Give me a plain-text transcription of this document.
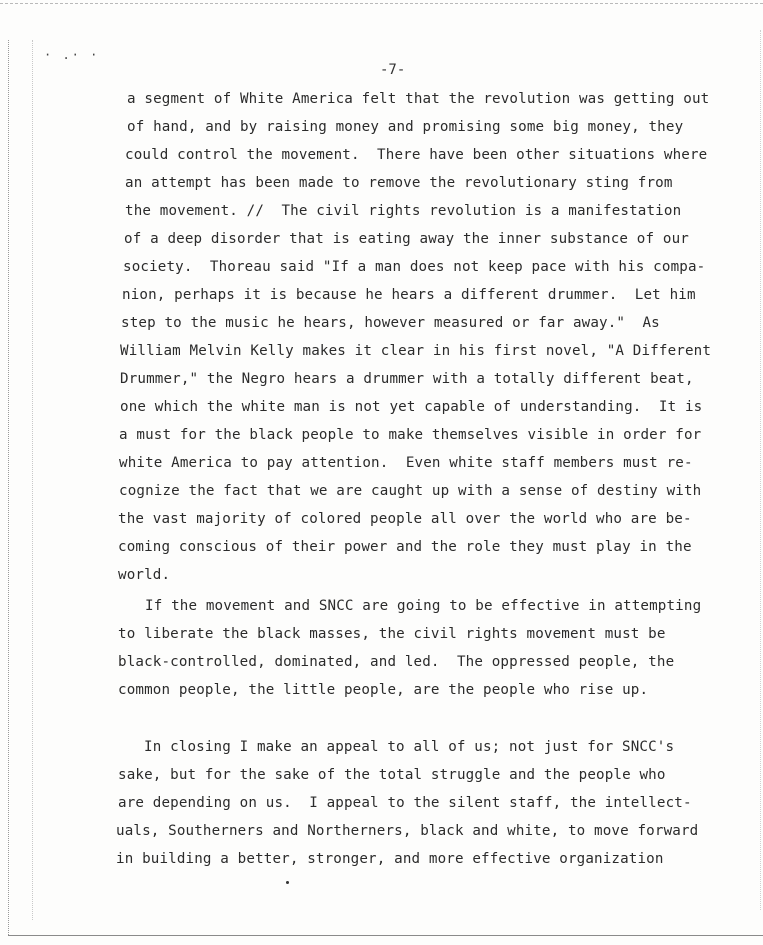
· .· ·
-7-
a segment of White America felt that the revolution was getting out
of hand, and by raising money and promising some big money, they
could control the movement.  There have been other situations where
an attempt has been made to remove the revolutionary sting from
the movement. //  The civil rights revolution is a manifestation
of a deep disorder that is eating away the inner substance of our
society.  Thoreau said "If a man does not keep pace with his compa-
nion, perhaps it is because he hears a different drummer.  Let him
step to the music he hears, however measured or far away."  As
William Melvin Kelly makes it clear in his first novel, "A Different
Drummer," the Negro hears a drummer with a totally different beat,
one which the white man is not yet capable of understanding.  It is
a must for the black people to make themselves visible in order for
white America to pay attention.  Even white staff members must re-
cognize the fact that we are caught up with a sense of destiny with
the vast majority of colored people all over the world who are be-
coming conscious of their power and the role they must play in the
world.
If the movement and SNCC are going to be effective in attempting
to liberate the black masses, the civil rights movement must be
black-controlled, dominated, and led.  The oppressed people, the
common people, the little people, are the people who rise up.
In closing I make an appeal to all of us; not just for SNCC's
sake, but for the sake of the total struggle and the people who
are depending on us.  I appeal to the silent staff, the intellect-
uals, Southerners and Northerners, black and white, to move forward
in building a better, stronger, and more effective organization
